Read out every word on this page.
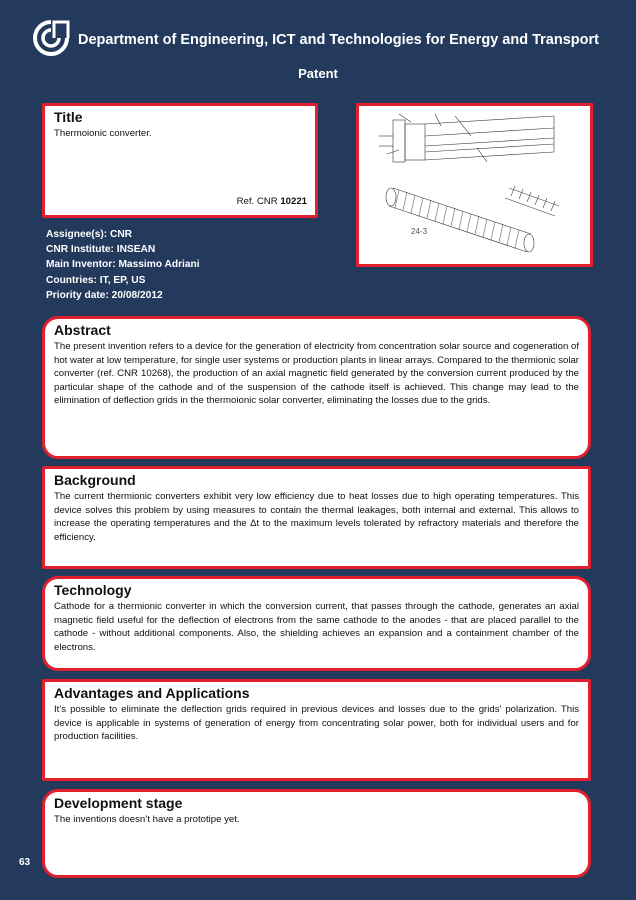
Department of Engineering, ICT and Technologies for Energy and Transport
Patent
Title

Thermoionic converter.

Ref. CNR 10221
24-3
Assignee(s): CNR
CNR Institute: INSEAN
Main Inventor: Massimo Adriani
Countries: IT, EP, US
Priority date: 20/08/2012
Abstract

The present invention refers to a device for the generation of electricity from concentration solar source and cogeneration of hot water at low temperature, for single user systems or production plants in linear arrays. Compared to the thermionic solar converter (ref. CNR 10268), the production of an axial magnetic field generated by the conversion current produced by the particular shape of the cathode and of the suspension of the cathode itself is achieved. This change may lead to the elimination of deflection grids in the thermoionic solar converter, eliminating the losses due to the grids.

Background

The current thermionic converters exhibit very low efficiency due to heat losses due to high operating temperatures. This device solves this problem by using measures to contain the thermal leakages, both internal and external. This allows to increase the operating temperatures and the Δt to the maximum levels tolerated by refractory materials and therefore the efficiency.

Technology

Cathode for a thermionic converter in which the conversion current, that passes through the cathode, generates an axial magnetic field useful for the deflection of electrons from the same cathode to the anodes - that are placed parallel to the cathode - without additional components. Also, the shielding achieves an expansion and a containment chamber of the electrons.

Advantages and Applications

It’s possible to eliminate the deflection grids required in previous devices and losses due to the grids' polarization. This device is applicable in systems of generation of energy from concentrating solar power, both for individual users and for production facilities.

Development stage

The inventions doesn’t have a prototipe yet.

63
